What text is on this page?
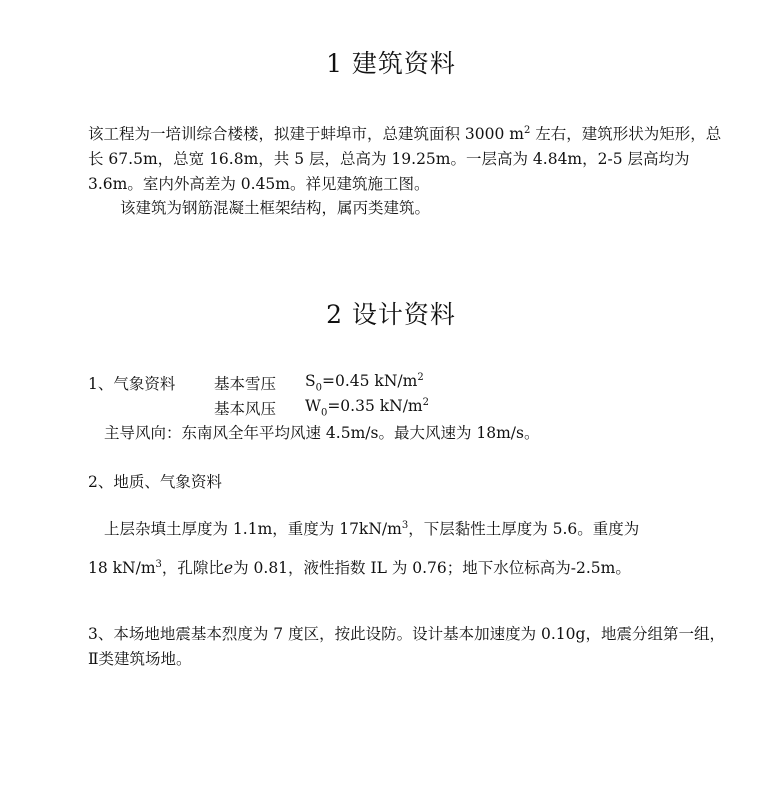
1 建筑资料

该工程为一培训综合楼楼，拟建于蚌埠市，总建筑面积 3000 $m^2$ 左右，建筑形状为矩形，总长 67.5m，总宽 16.8m，共 5 层，总高为 19.25m。一层高为 4.84m，2-5 层高均为 3.6m。室内外高差为 0.45m。祥见建筑施工图。

该建筑为钢筋混凝土框架结构，属丙类建筑。

2 设计资料
1、气象资料 基本雪压 $S_0=0.45$ $kN/m^2$
基本风压 $W_0=0.35$ $kN/m^2$
主导风向：东南风全年平均风速 4.5m/s。最大风速为 18m/s。
2、地质、气象资料
上层杂填土厚度为 1.1m，重度为 $17kN/m^3$，下层黏性土厚度为 5.6。重度为
18 $kN/m^3$，孔隙比e为 0.81，液性指数 IL 为 0.76；地下水位标高为-2.5m。

3、本场地地震基本烈度为 7 度区，按此设防。设计基本加速度为 0.10g，地震分组第一组，Ⅱ类建筑场地。
